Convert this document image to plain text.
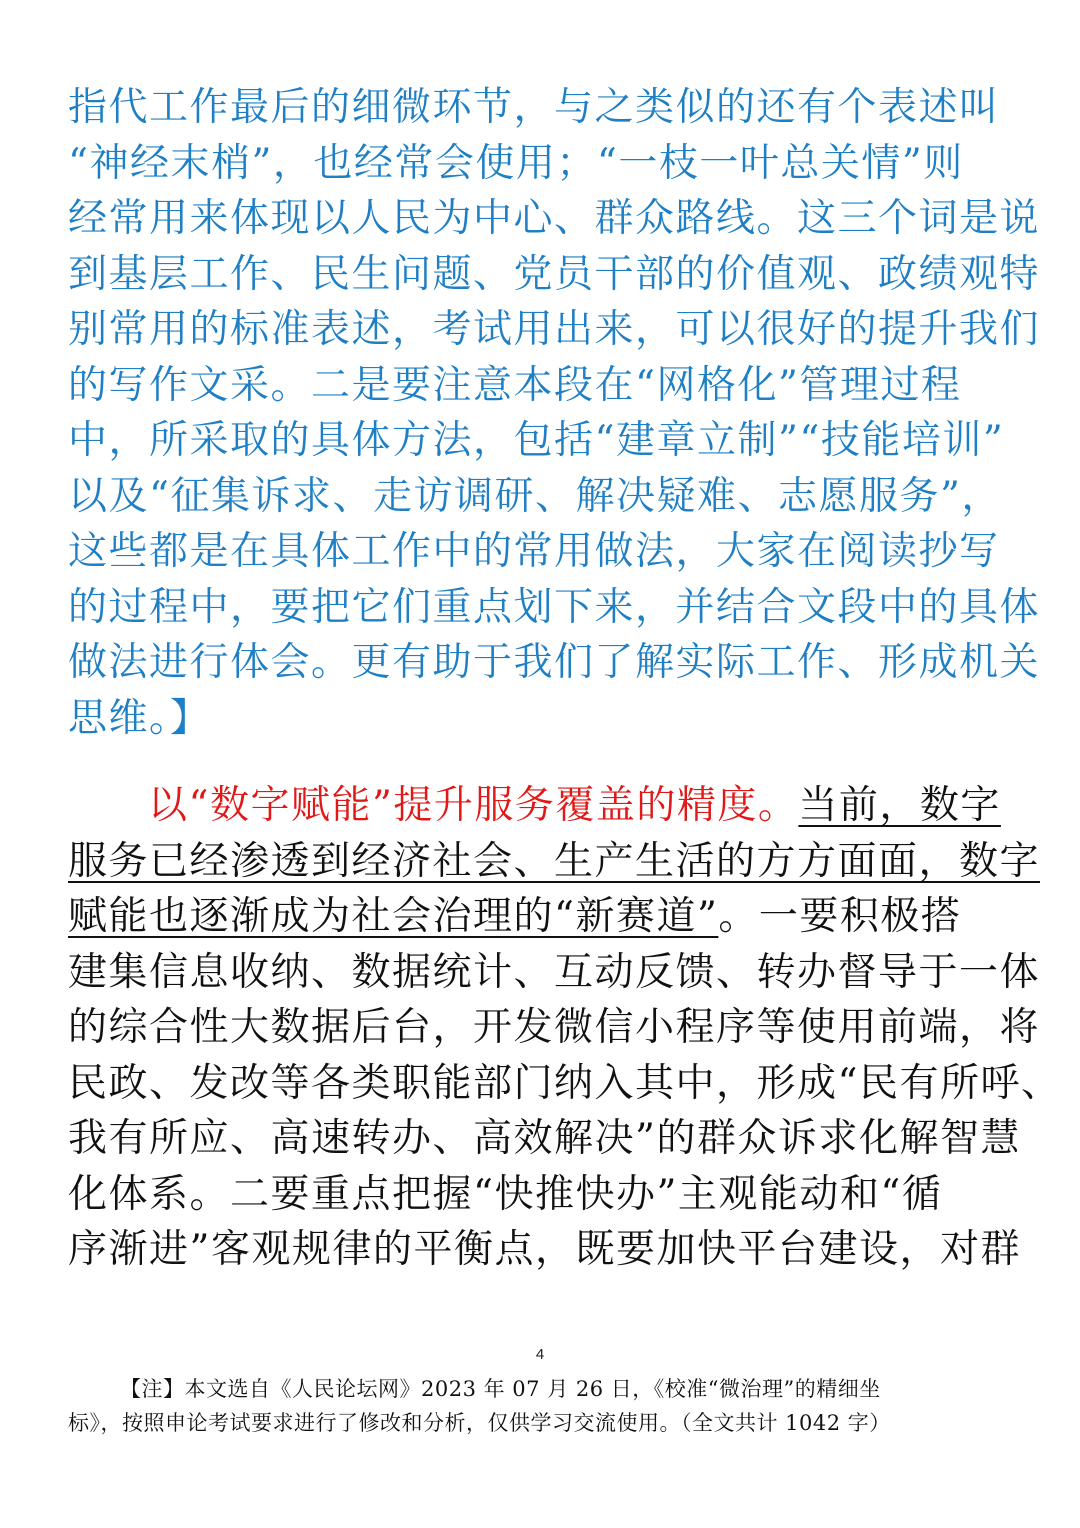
指代工作最后的细微环节，与之类似的还有个表述叫
“神经末梢”，也经常会使用；“一枝一叶总关情”则
经常用来体现以人民为中心、群众路线。这三个词是说
到基层工作、民生问题、党员干部的价值观、政绩观特
别常用的标准表述，考试用出来，可以很好的提升我们
的写作文采。二是要注意本段在“网格化”管理过程
中，所采取的具体方法，包括“建章立制”“技能培训”
以及“征集诉求、走访调研、解决疑难、志愿服务”，
这些都是在具体工作中的常用做法，大家在阅读抄写
的过程中，要把它们重点划下来，并结合文段中的具体
做法进行体会。更有助于我们了解实际工作、形成机关
思维。】
以“数字赋能”提升服务覆盖的精度。当前，数字
服务已经渗透到经济社会、生产生活的方方面面，数字
赋能也逐渐成为社会治理的“新赛道”。一要积极搭
建集信息收纳、数据统计、互动反馈、转办督导于一体
的综合性大数据后台，开发微信小程序等使用前端，将
民政、发改等各类职能部门纳入其中，形成“民有所呼、
我有所应、高速转办、高效解决”的群众诉求化解智慧
化体系。二要重点把握“快推快办”主观能动和“循
序渐进”客观规律的平衡点，既要加快平台建设，对群
4
【注】本文选自《人民论坛网》2023 年 07 月 26 日，《校准“微治理”的精细坐
标》，按照申论考试要求进行了修改和分析，仅供学习交流使用。（全文共计 1042 字）
